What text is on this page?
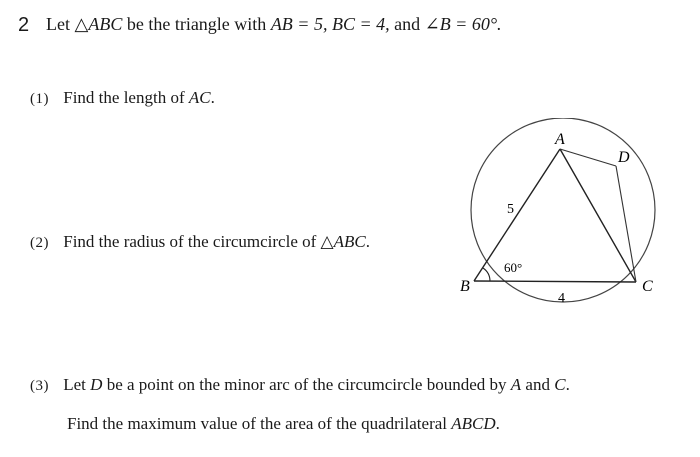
2 Let △ABC be the triangle with AB = 5, BC = 4, and ∠B = 60°.
(1) Find the length of AC.
(2) Find the radius of the circumcircle of △ABC.
(3) Let D be a point on the minor arc of the circumcircle bounded by A and C.
Find the maximum value of the area of the quadrilateral ABCD.
A
D
B	C
5
4
60°
